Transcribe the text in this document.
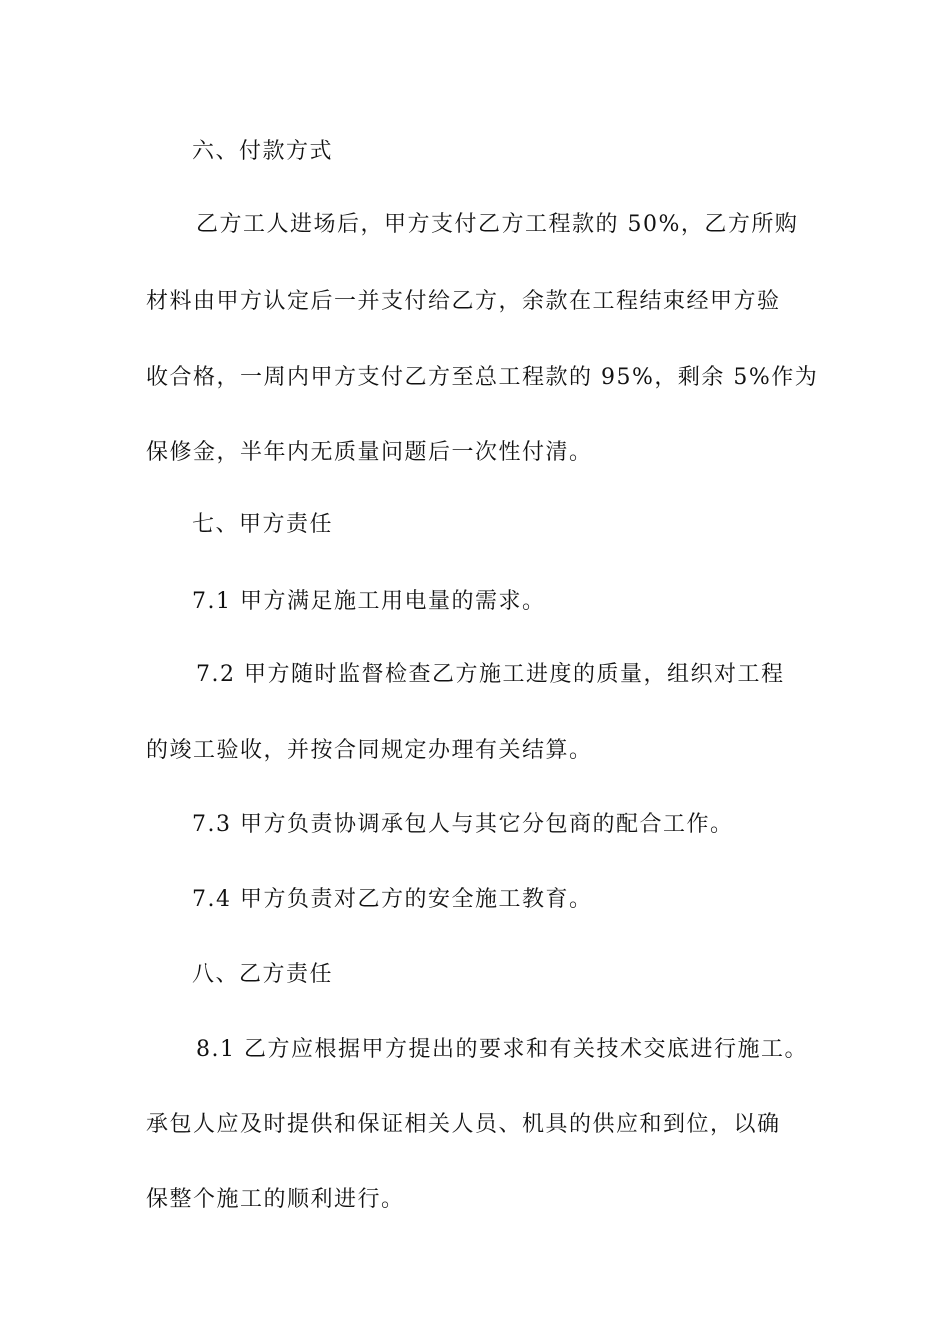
六、付款方式
乙方工人进场后，甲方支付乙方工程款的 50%，乙方所购
材料由甲方认定后一并支付给乙方，余款在工程结束经甲方验
收合格，一周内甲方支付乙方至总工程款的 95%，剩余 5%作为
保修金，半年内无质量问题后一次性付清。
七、甲方责任
7.1 甲方满足施工用电量的需求。
7.2 甲方随时监督检查乙方施工进度的质量，组织对工程
的竣工验收，并按合同规定办理有关结算。
7.3 甲方负责协调承包人与其它分包商的配合工作。
7.4 甲方负责对乙方的安全施工教育。
八、乙方责任
8.1 乙方应根据甲方提出的要求和有关技术交底进行施工。
承包人应及时提供和保证相关人员、机具的供应和到位，以确
保整个施工的顺利进行。
